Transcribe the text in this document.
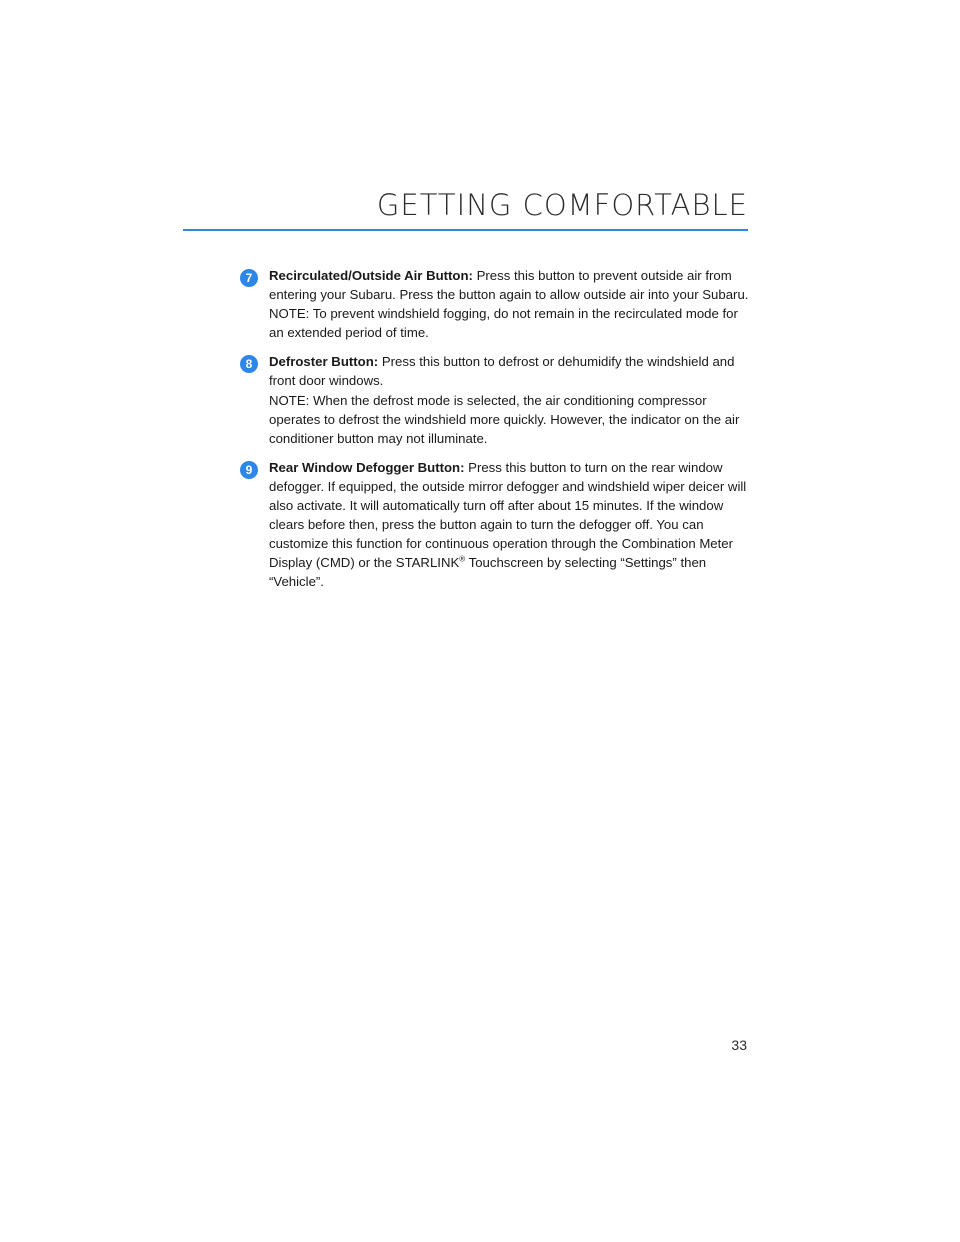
GETTING COMFORTABLE
7	Recirculated/Outside Air Button: Press this button to prevent outside air from entering your Subaru. Press the button again to allow outside air into your Subaru.

NOTE: To prevent windshield fogging, do not remain in the recirculated mode for an extended period of time.

8	Defroster Button: Press this button to defrost or dehumidify the windshield and front door windows.

NOTE: When the defrost mode is selected, the air conditioning compressor operates to defrost the windshield more quickly. However, the indicator on the air conditioner button may not illuminate.

9	Rear Window Defogger Button: Press this button to turn on the rear window defogger. If equipped, the outside mirror defogger and windshield wiper deicer will also activate. It will automatically turn off after about 15 minutes. If the window clears before then, press the button again to turn the defogger off. You can customize this function for continuous operation through the Combination Meter Display (CMD) or the STARLINK® Touchscreen by selecting “Settings” then “Vehicle”.

33
